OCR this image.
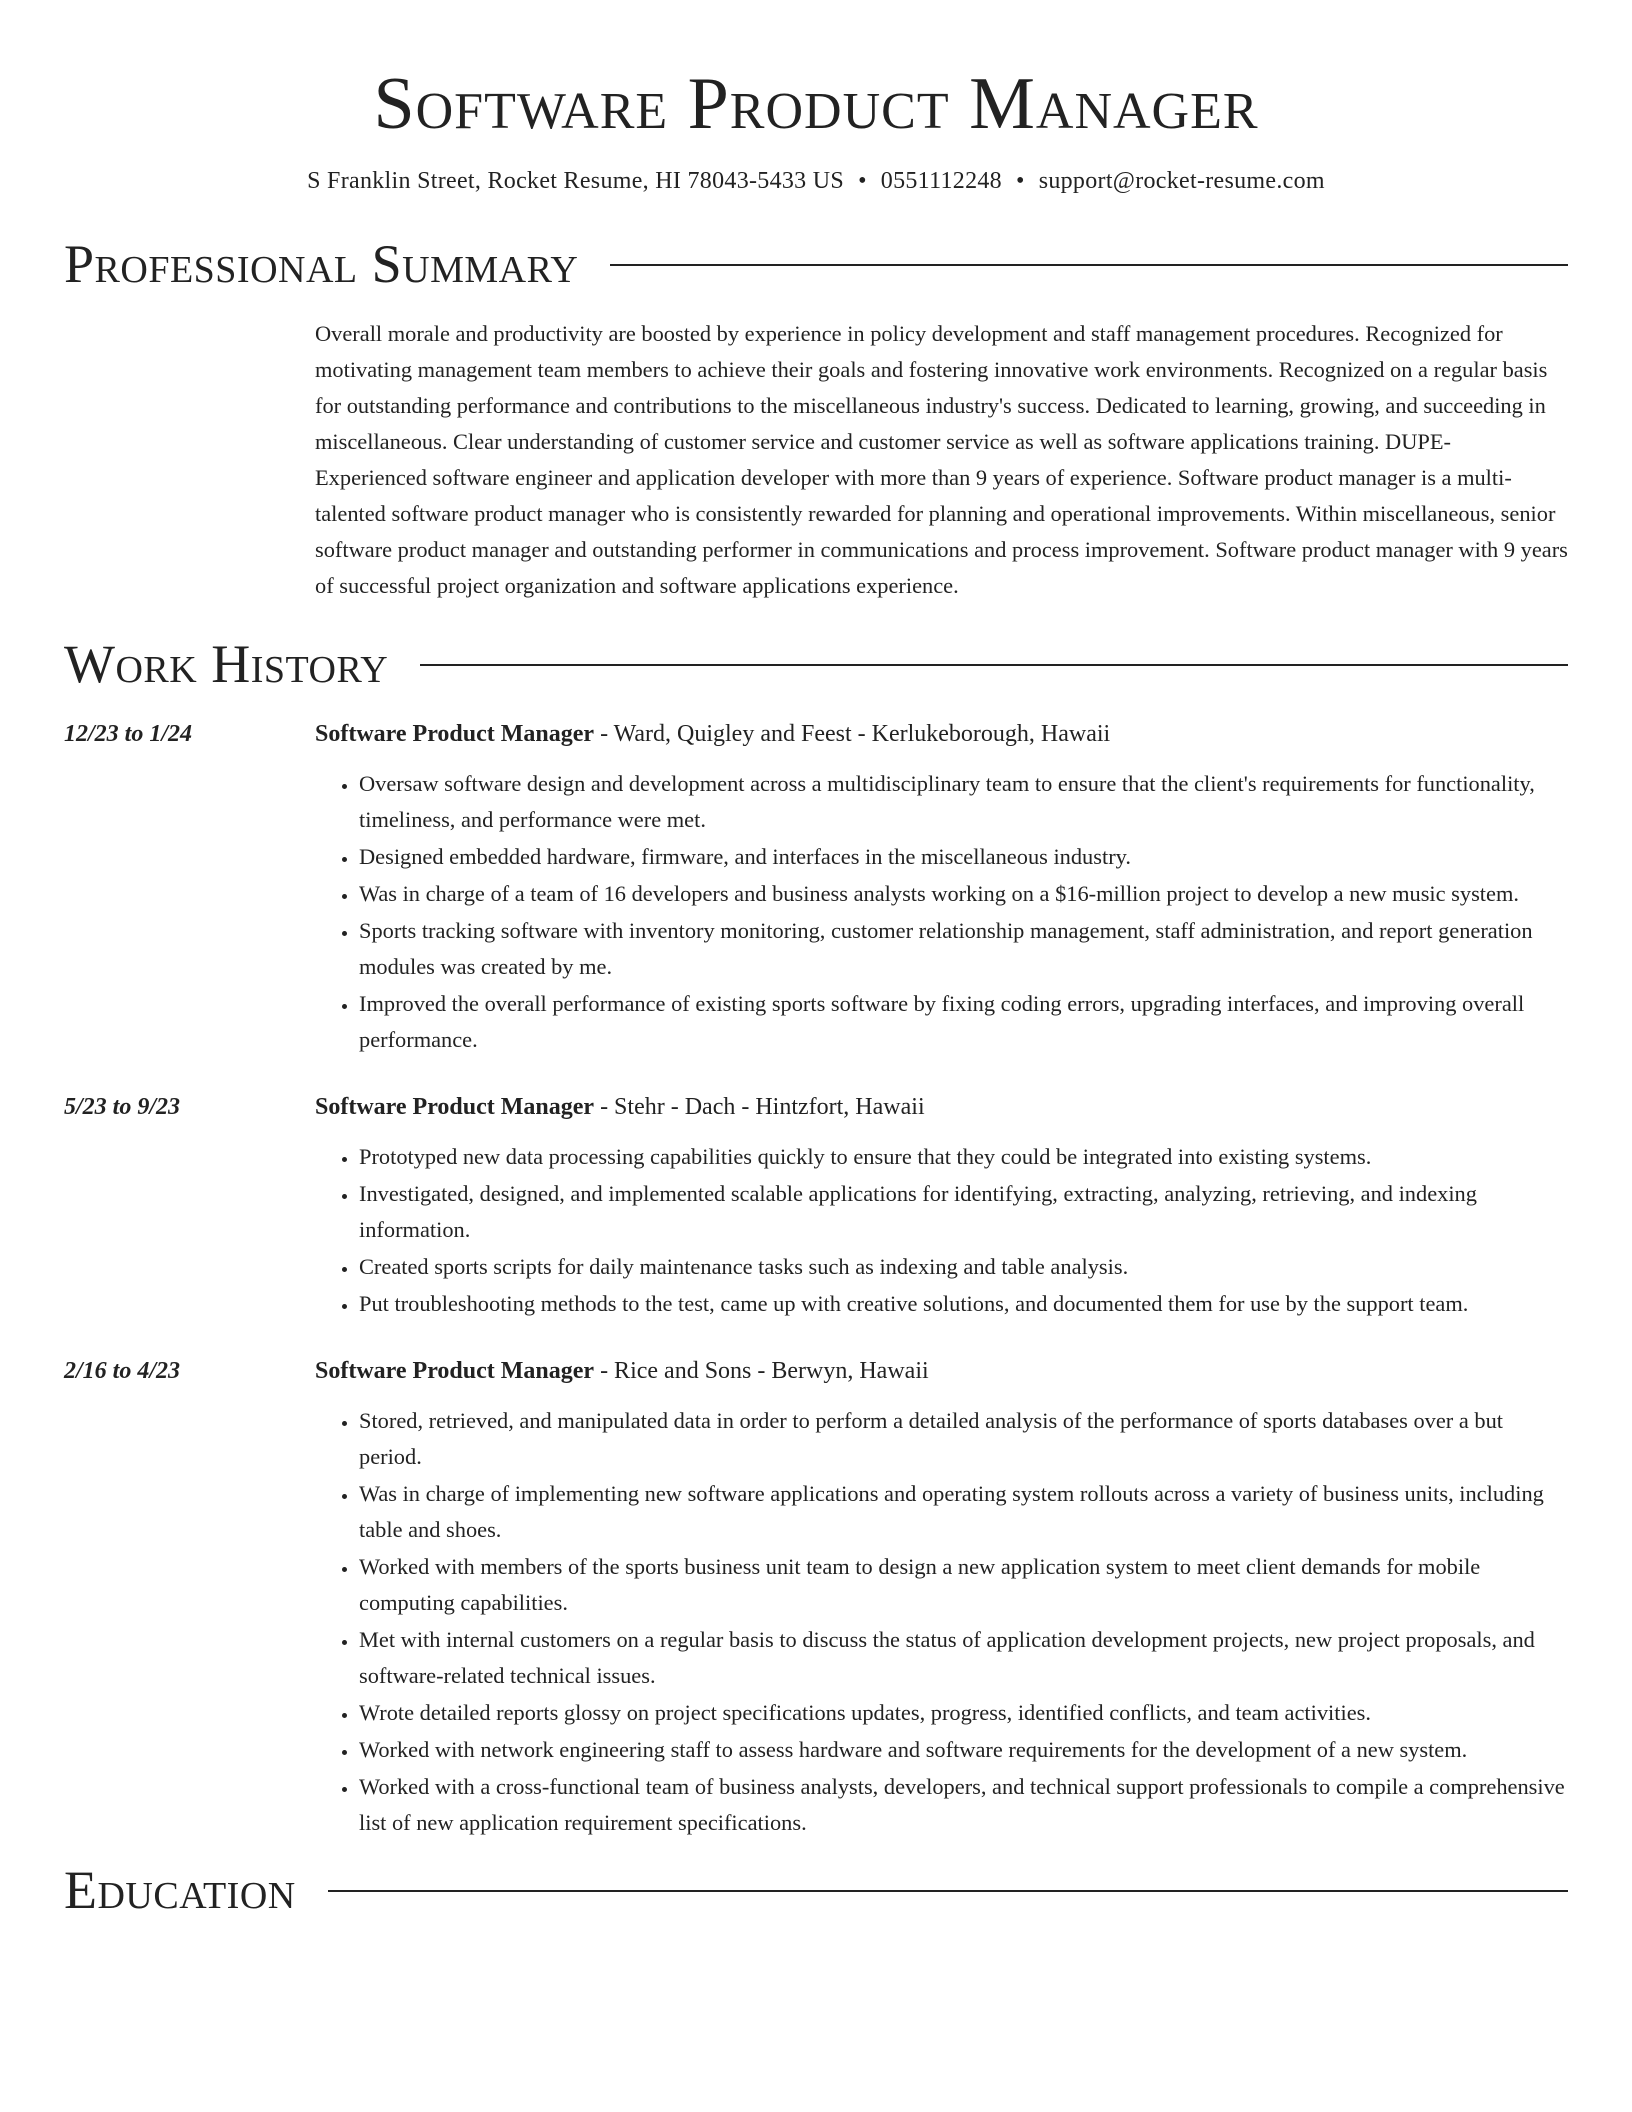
Software Product Manager
S Franklin Street, Rocket Resume, HI 78043-5433 US • 0551112248 • support@rocket-resume.com
Professional Summary
Overall morale and productivity are boosted by experience in policy development and staff management procedures. Recognized for motivating management team members to achieve their goals and fostering innovative work environments. Recognized on a regular basis for outstanding performance and contributions to the miscellaneous industry's success. Dedicated to learning, growing, and succeeding in miscellaneous. Clear understanding of customer service and customer service as well as software applications training. DUPE- Experienced software engineer and application developer with more than 9 years of experience. Software product manager is a multi-talented software product manager who is consistently rewarded for planning and operational improvements. Within miscellaneous, senior software product manager and outstanding performer in communications and process improvement. Software product manager with 9 years of successful project organization and software applications experience.
Work History
12/23 to 1/24	Software Product Manager - Ward, Quigley and Feest - Kerlukeborough, Hawaii
• Oversaw software design and development across a multidisciplinary team to ensure that the client's requirements for functionality, timeliness, and performance were met.
• Designed embedded hardware, firmware, and interfaces in the miscellaneous industry.
• Was in charge of a team of 16 developers and business analysts working on a $16-million project to develop a new music system.
• Sports tracking software with inventory monitoring, customer relationship management, staff administration, and report generation modules was created by me.
• Improved the overall performance of existing sports software by fixing coding errors, upgrading interfaces, and improving overall performance.
5/23 to 9/23	Software Product Manager - Stehr - Dach - Hintzfort, Hawaii
• Prototyped new data processing capabilities quickly to ensure that they could be integrated into existing systems.
• Investigated, designed, and implemented scalable applications for identifying, extracting, analyzing, retrieving, and indexing information.
• Created sports scripts for daily maintenance tasks such as indexing and table analysis.
• Put troubleshooting methods to the test, came up with creative solutions, and documented them for use by the support team.
2/16 to 4/23	Software Product Manager - Rice and Sons - Berwyn, Hawaii
• Stored, retrieved, and manipulated data in order to perform a detailed analysis of the performance of sports databases over a but period.
• Was in charge of implementing new software applications and operating system rollouts across a variety of business units, including table and shoes.
• Worked with members of the sports business unit team to design a new application system to meet client demands for mobile computing capabilities.
• Met with internal customers on a regular basis to discuss the status of application development projects, new project proposals, and software-related technical issues.
• Wrote detailed reports glossy on project specifications updates, progress, identified conflicts, and team activities.
• Worked with network engineering staff to assess hardware and software requirements for the development of a new system.
• Worked with a cross-functional team of business analysts, developers, and technical support professionals to compile a comprehensive list of new application requirement specifications.
Education
